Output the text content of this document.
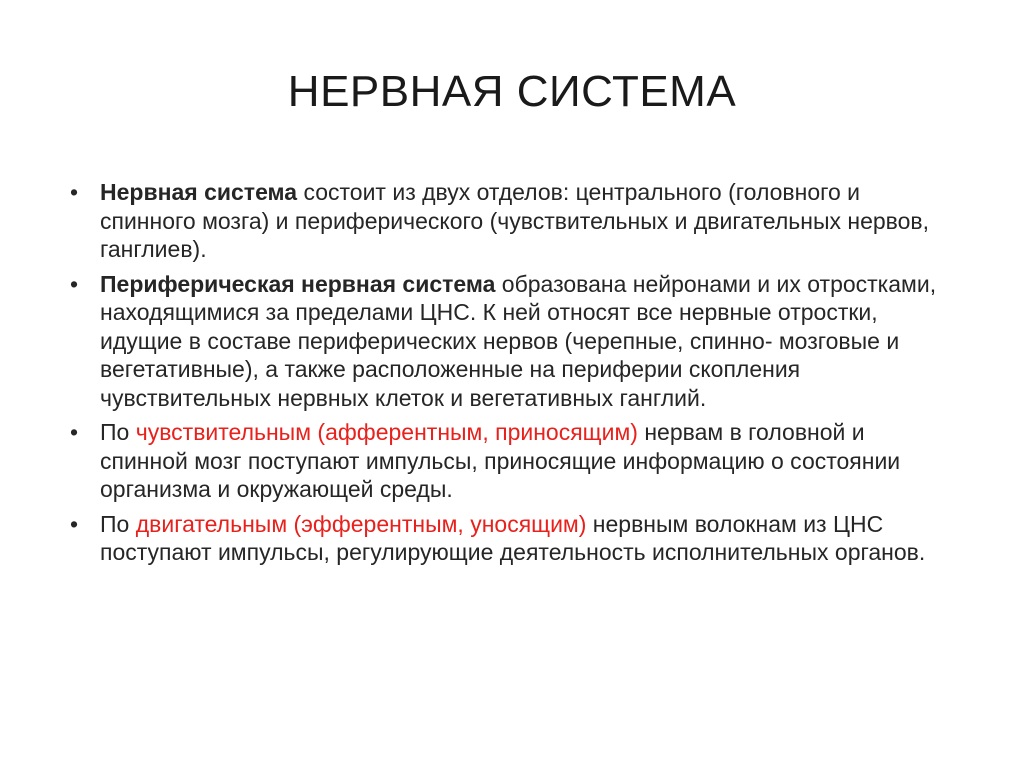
НЕРВНАЯ СИСТЕМА
• Нервная система состоит из двух отделов: центрального (головного и спинного мозга) и периферического (чувствительных и двигательных нервов, ганглиев).
• Периферическая нервная система образована нейронами и их отростками, находящимися за пределами ЦНС. К ней относят все нервные отростки, идущие в составе периферических нервов (черепные, спинно- мозговые и вегетативные), а также расположенные на периферии скопления чувствительных нервных клеток и вегетативных ганглий.
• По чувствительным (афферентным, приносящим) нервам в головной и спинной мозг поступают импульсы, приносящие информацию о состоянии организма и окружающей среды.
• По двигательным (эфферентным, уносящим) нервным волокнам из ЦНС поступают импульсы, регулирующие деятельность исполнительных органов.
